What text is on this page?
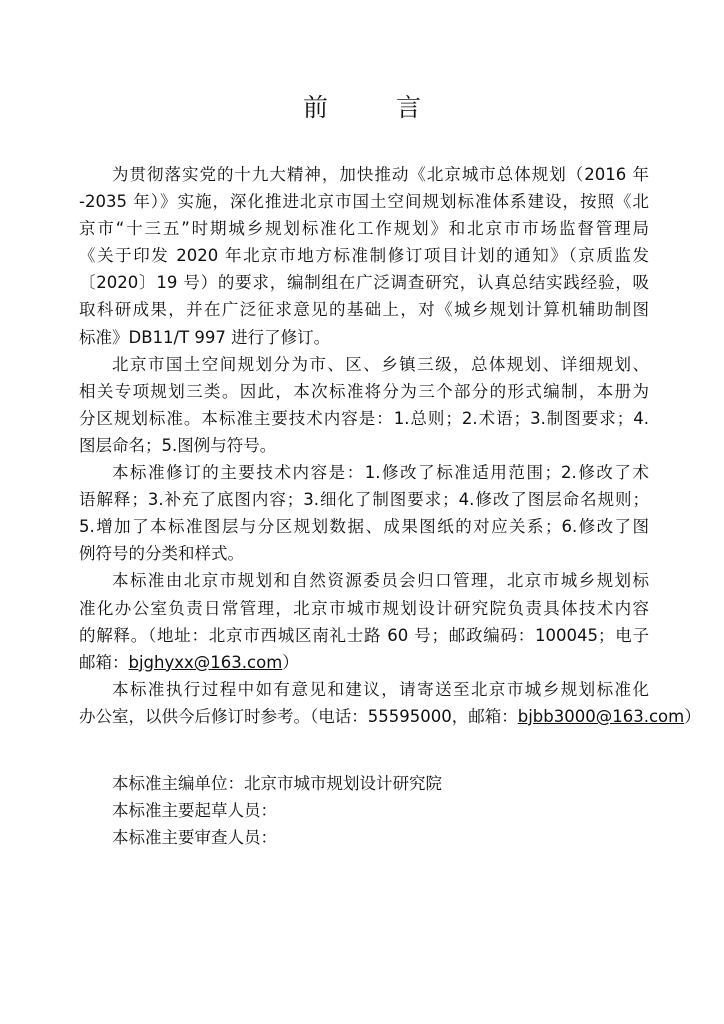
前 言
为贯彻落实党的十九大精神，加快推动《北京城市总体规划（2016 年
-2035 年）》实施，深化推进北京市国土空间规划标准体系建设，按照《北
京市“十三五”时期城乡规划标准化工作规划》和北京市市场监督管理局
《关于印发 2020 年北京市地方标准制修订项目计划的通知》（京质监发
〔2020〕19 号）的要求，编制组在广泛调查研究，认真总结实践经验，吸
取科研成果，并在广泛征求意见的基础上，对《城乡规划计算机辅助制图
标准》DB11/T 997 进行了修订。
北京市国土空间规划分为市、区、乡镇三级，总体规划、详细规划、
相关专项规划三类。因此，本次标准将分为三个部分的形式编制，本册为
分区规划标准。本标准主要技术内容是：1.总则；2.术语；3.制图要求；4.
图层命名；5.图例与符号。
本标准修订的主要技术内容是：1.修改了标准适用范围；2.修改了术
语解释；3.补充了底图内容；3.细化了制图要求；4.修改了图层命名规则；
5.增加了本标准图层与分区规划数据、成果图纸的对应关系；6.修改了图
例符号的分类和样式。
本标准由北京市规划和自然资源委员会归口管理，北京市城乡规划标
准化办公室负责日常管理，北京市城市规划设计研究院负责具体技术内容
的解释。（地址：北京市西城区南礼士路 60 号；邮政编码：100045；电子
邮箱：bjghyxx@163.com）
本标准执行过程中如有意见和建议，请寄送至北京市城乡规划标准化
办公室，以供今后修订时参考。（电话：55595000，邮箱：bjbb3000@163.com）
本标准主编单位：北京市城市规划设计研究院
本标准主要起草人员：
本标准主要审查人员：
